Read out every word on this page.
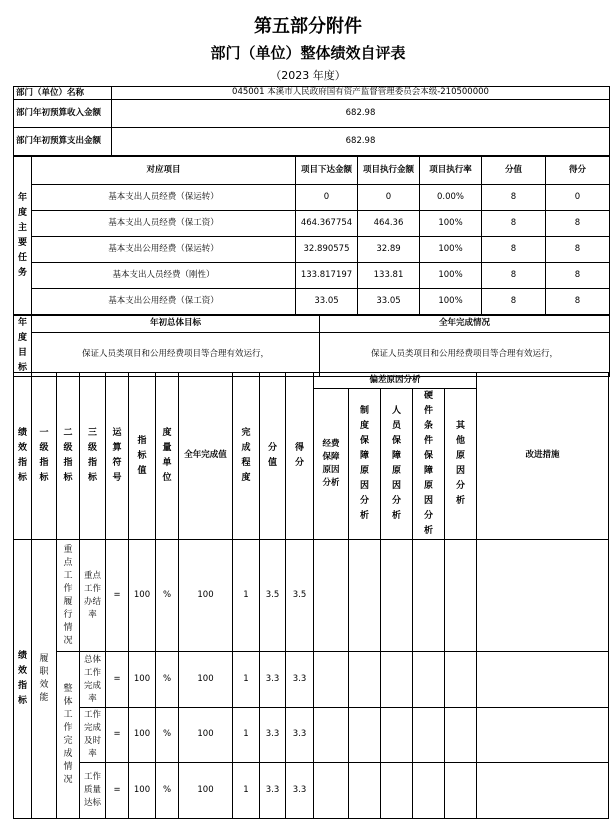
第五部分附件
部门（单位）整体绩效自评表
（2023 年度）
部门（单位）名称	045001 本溪市人民政府国有资产监督管理委员会本级-210500000
部门年初预算收入金额	682.98
部门年初预算支出金额	682.98
年度主要任务	对应项目	项目下达金额	项目执行金额	项目执行率	分值	得分
	基本支出人员经费（保运转）	0	0	0.00%	8	0
	基本支出人员经费（保工资）	464.367754	464.36	100%	8	8
	基本支出公用经费（保运转）	32.890575	32.89	100%	8	8
	基本支出人员经费（刚性）	133.817197	133.81	100%	8	8
	基本支出公用经费（保工资）	33.05	33.05	100%	8	8
年度目标	年初总体目标	全年完成情况
	保证人员类项目和公用经费项目等合理有效运行，	保证人员类项目和公用经费项目等合理有效运行，
绩效指标	一级指标	二级指标	三级指标	运算符号	指标值	度量单位	全年完成值	完成程度	分值	得分	偏差原因分析					改进措施
											经费保障原因分析	制度保障原因分析	人员保障原因分析	硬件条件保障原因分析	其他原因分析	
绩效指标	履职效能	重点工作履行情况	重点工作办结率	=	100	%	100	1	3.5	3.5						
		整体工作完成情况	总体工作完成率	=	100	%	100	1	3.3	3.3						
			工作完成及时率	=	100	%	100	1	3.3	3.3						
			工作质量达标	=	100	%	100	1	3.3	3.3						
